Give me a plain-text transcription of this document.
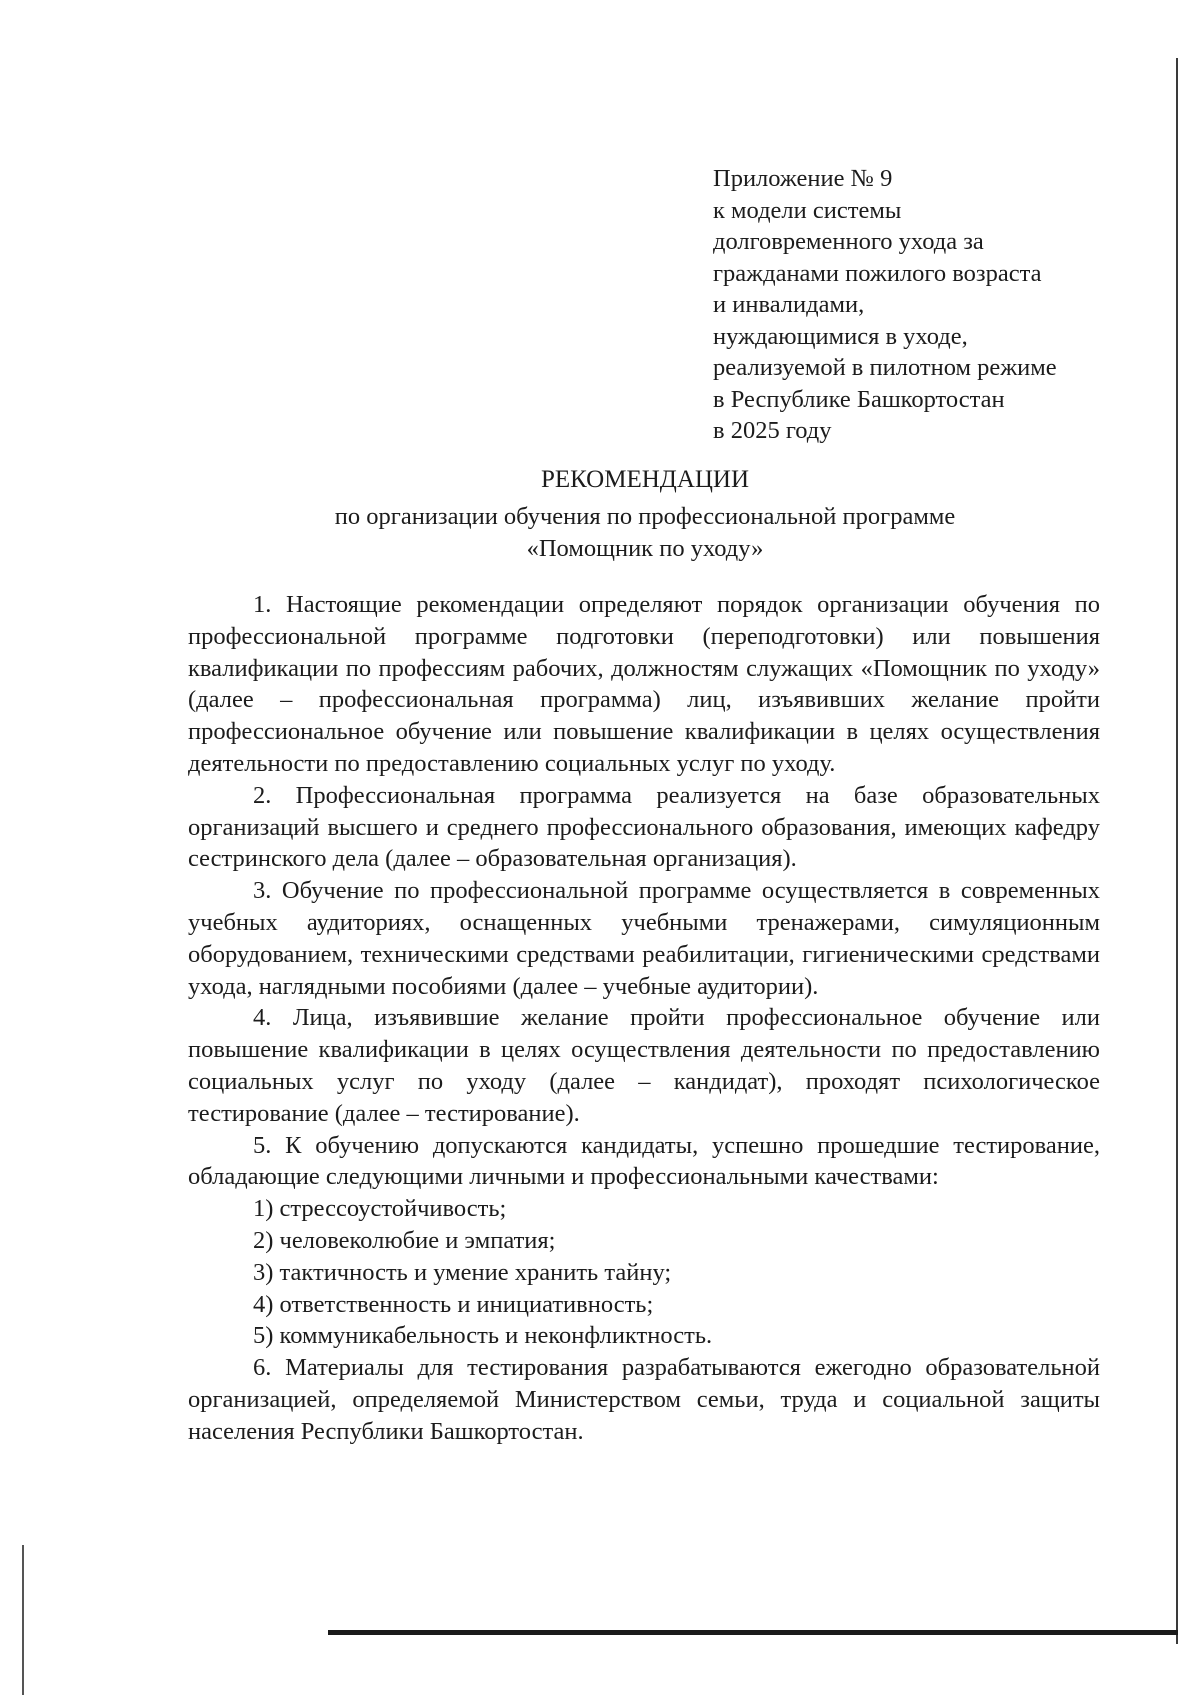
Приложение № 9
к модели системы
долговременного ухода за
гражданами пожилого возраста
и инвалидами,
нуждающимися в уходе,
реализуемой в пилотном режиме
в Республике Башкортостан
в 2025 году
РЕКОМЕНДАЦИИ
по организации обучения по профессиональной программе
«Помощник по уходу»

1. Настоящие рекомендации определяют порядок организации обучения по профессиональной программе подготовки (переподготовки) или повышения квалификации по профессиям рабочих, должностям служащих «Помощник по уходу» (далее – профессиональная программа) лиц, изъявивших желание пройти профессиональное обучение или повышение квалификации в целях осуществления деятельности по предоставлению социальных услуг по уходу.

2. Профессиональная программа реализуется на базе образовательных организаций высшего и среднего профессионального образования, имеющих кафедру сестринского дела (далее – образовательная организация).

3. Обучение по профессиональной программе осуществляется в современных учебных аудиториях, оснащенных учебными тренажерами, симуляционным оборудованием, техническими средствами реабилитации, гигиеническими средствами ухода, наглядными пособиями (далее – учебные аудитории).

4. Лица, изъявившие желание пройти профессиональное обучение или повышение квалификации в целях осуществления деятельности по предоставлению социальных услуг по уходу (далее – кандидат), проходят психологическое тестирование (далее – тестирование).

5. К обучению допускаются кандидаты, успешно прошедшие тестирование, обладающие следующими личными и профессиональными качествами:

1) стрессоустойчивость;

2) человеколюбие и эмпатия;

3) тактичность и умение хранить тайну;

4) ответственность и инициативность;

5) коммуникабельность и неконфликтность.

6. Материалы для тестирования разрабатываются ежегодно образовательной организацией, определяемой Министерством семьи, труда и социальной защиты населения Республики Башкортостан.
